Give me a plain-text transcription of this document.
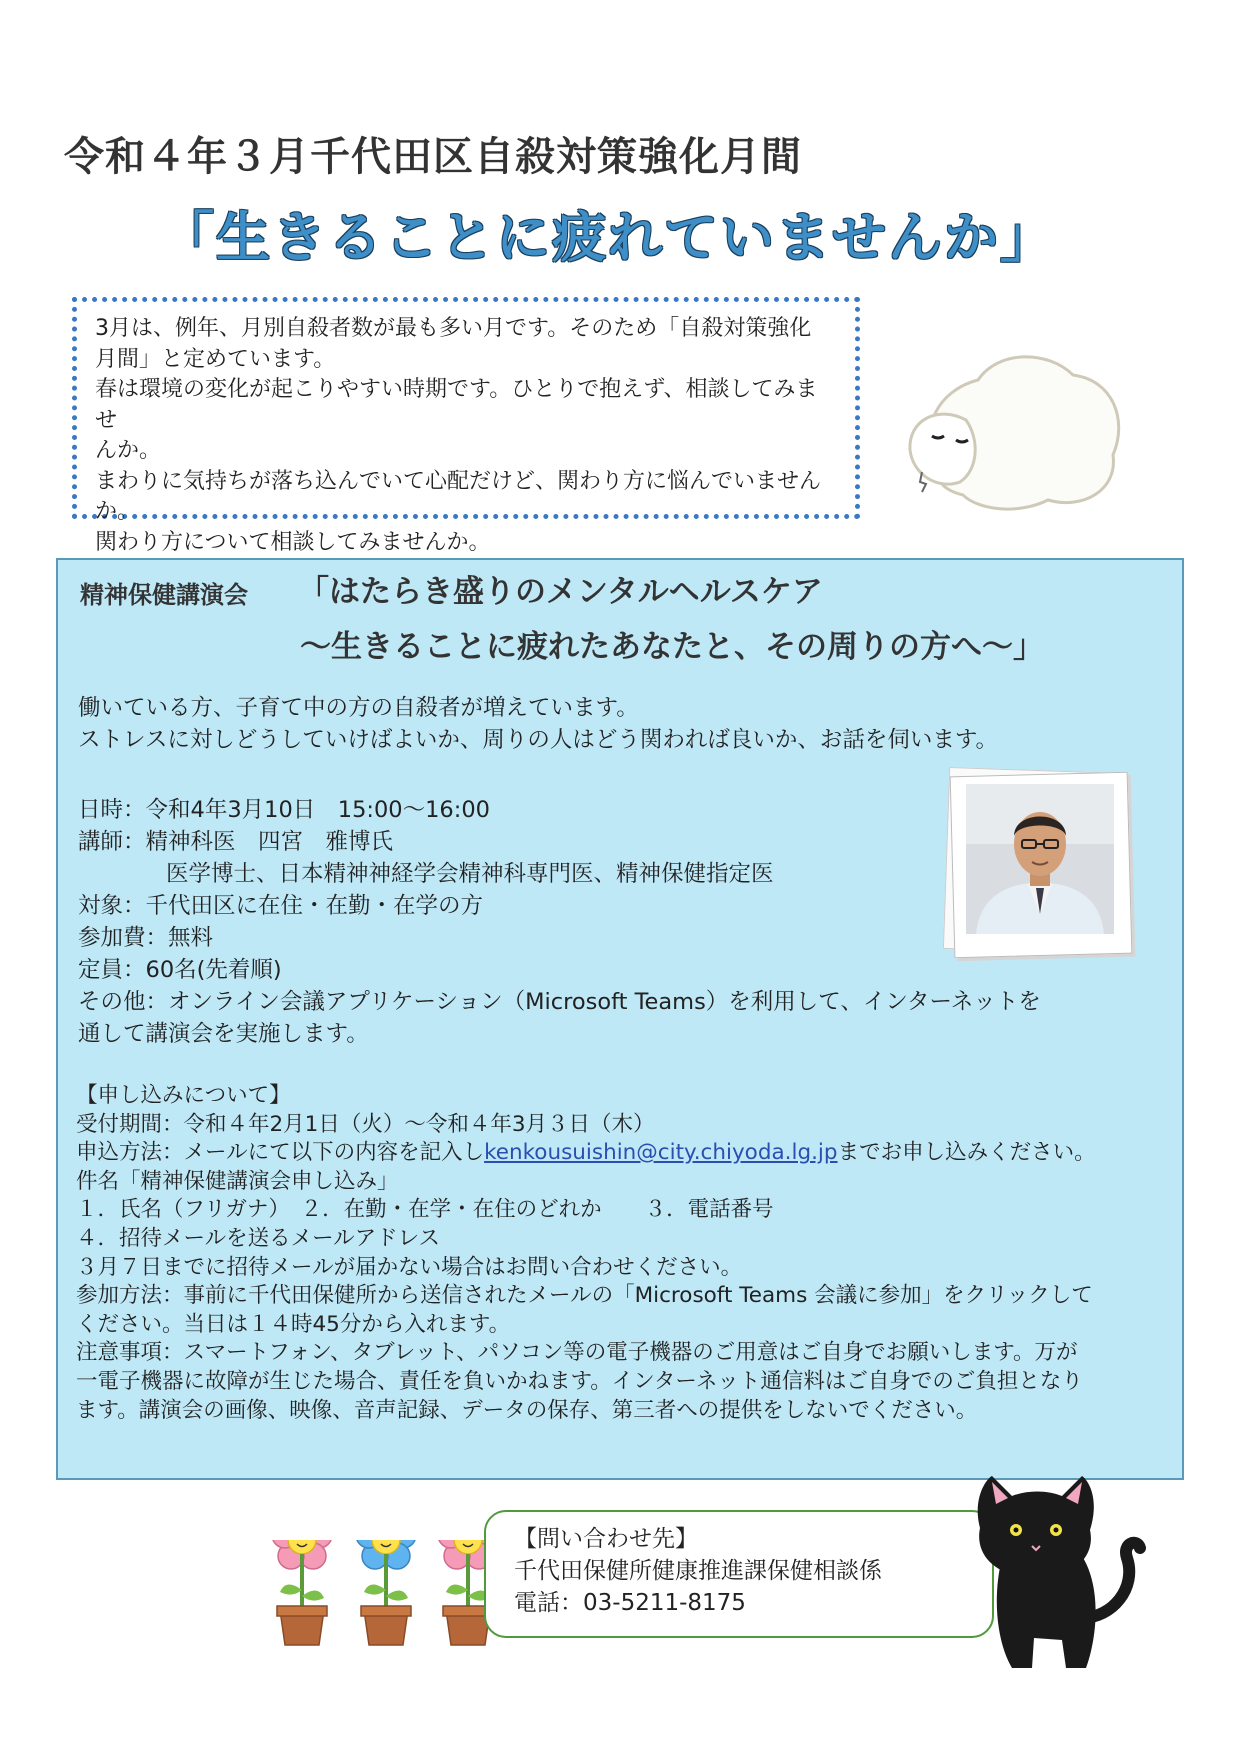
令和４年３月千代田区自殺対策強化月間
「生きることに疲れていませんか」

3月は、例年、月別自殺者数が最も多い月です。そのため「自殺対策強化

月間」と定めています。

春は環境の変化が起こりやすい時期です。ひとりで抱えず、相談してみませ

んか。

まわりに気持ちが落ち込んでいて心配だけど、関わり方に悩んでいませんか。

関わり方について相談してみませんか。

精神保健講演会 「はたらき盛りのメンタルヘルスケア
～生きることに疲れたあなたと、その周りの方へ～」
働いている方、子育て中の方の自殺者が増えています。
ストレスに対しどうしていけばよいか、周りの人はどう関われば良いか、お話を伺います。
日時：令和4年3月10日　15:00～16:00
講師：精神科医　四宮　雅博氏
医学博士、日本精神神経学会精神科専門医、精神保健指定医
対象：千代田区に在住・在勤・在学の方
参加費：無料
定員：60名(先着順)
その他：オンライン会議アプリケーション（Microsoft Teams）を利用して、インターネットを
通して講演会を実施します。

【申し込みについて】

受付期間：令和４年2月1日（火）～令和４年3月３日（木）

申込方法：メールにて以下の内容を記入しkenkousuishin@city.chiyoda.lg.jpまでお申し込みください。

件名「精神保健講演会申し込み」

１．氏名（フリガナ）　２．在勤・在学・在住のどれか　　３．電話番号

４．招待メールを送るメールアドレス

３月７日までに招待メールが届かない場合はお問い合わせください。

参加方法：事前に千代田保健所から送信されたメールの「Microsoft Teams 会議に参加」をクリックして

ください。当日は１４時45分から入れます。

注意事項：スマートフォン、タブレット、パソコン等の電子機器のご用意はご自身でお願いします。万が

一電子機器に故障が生じた場合、責任を負いかねます。インターネット通信料はご自身でのご負担となり

ます。講演会の画像、映像、音声記録、データの保存、第三者への提供をしないでください。

【問い合わせ先】
千代田保健所健康推進課保健相談係
電話：03-5211-8175
